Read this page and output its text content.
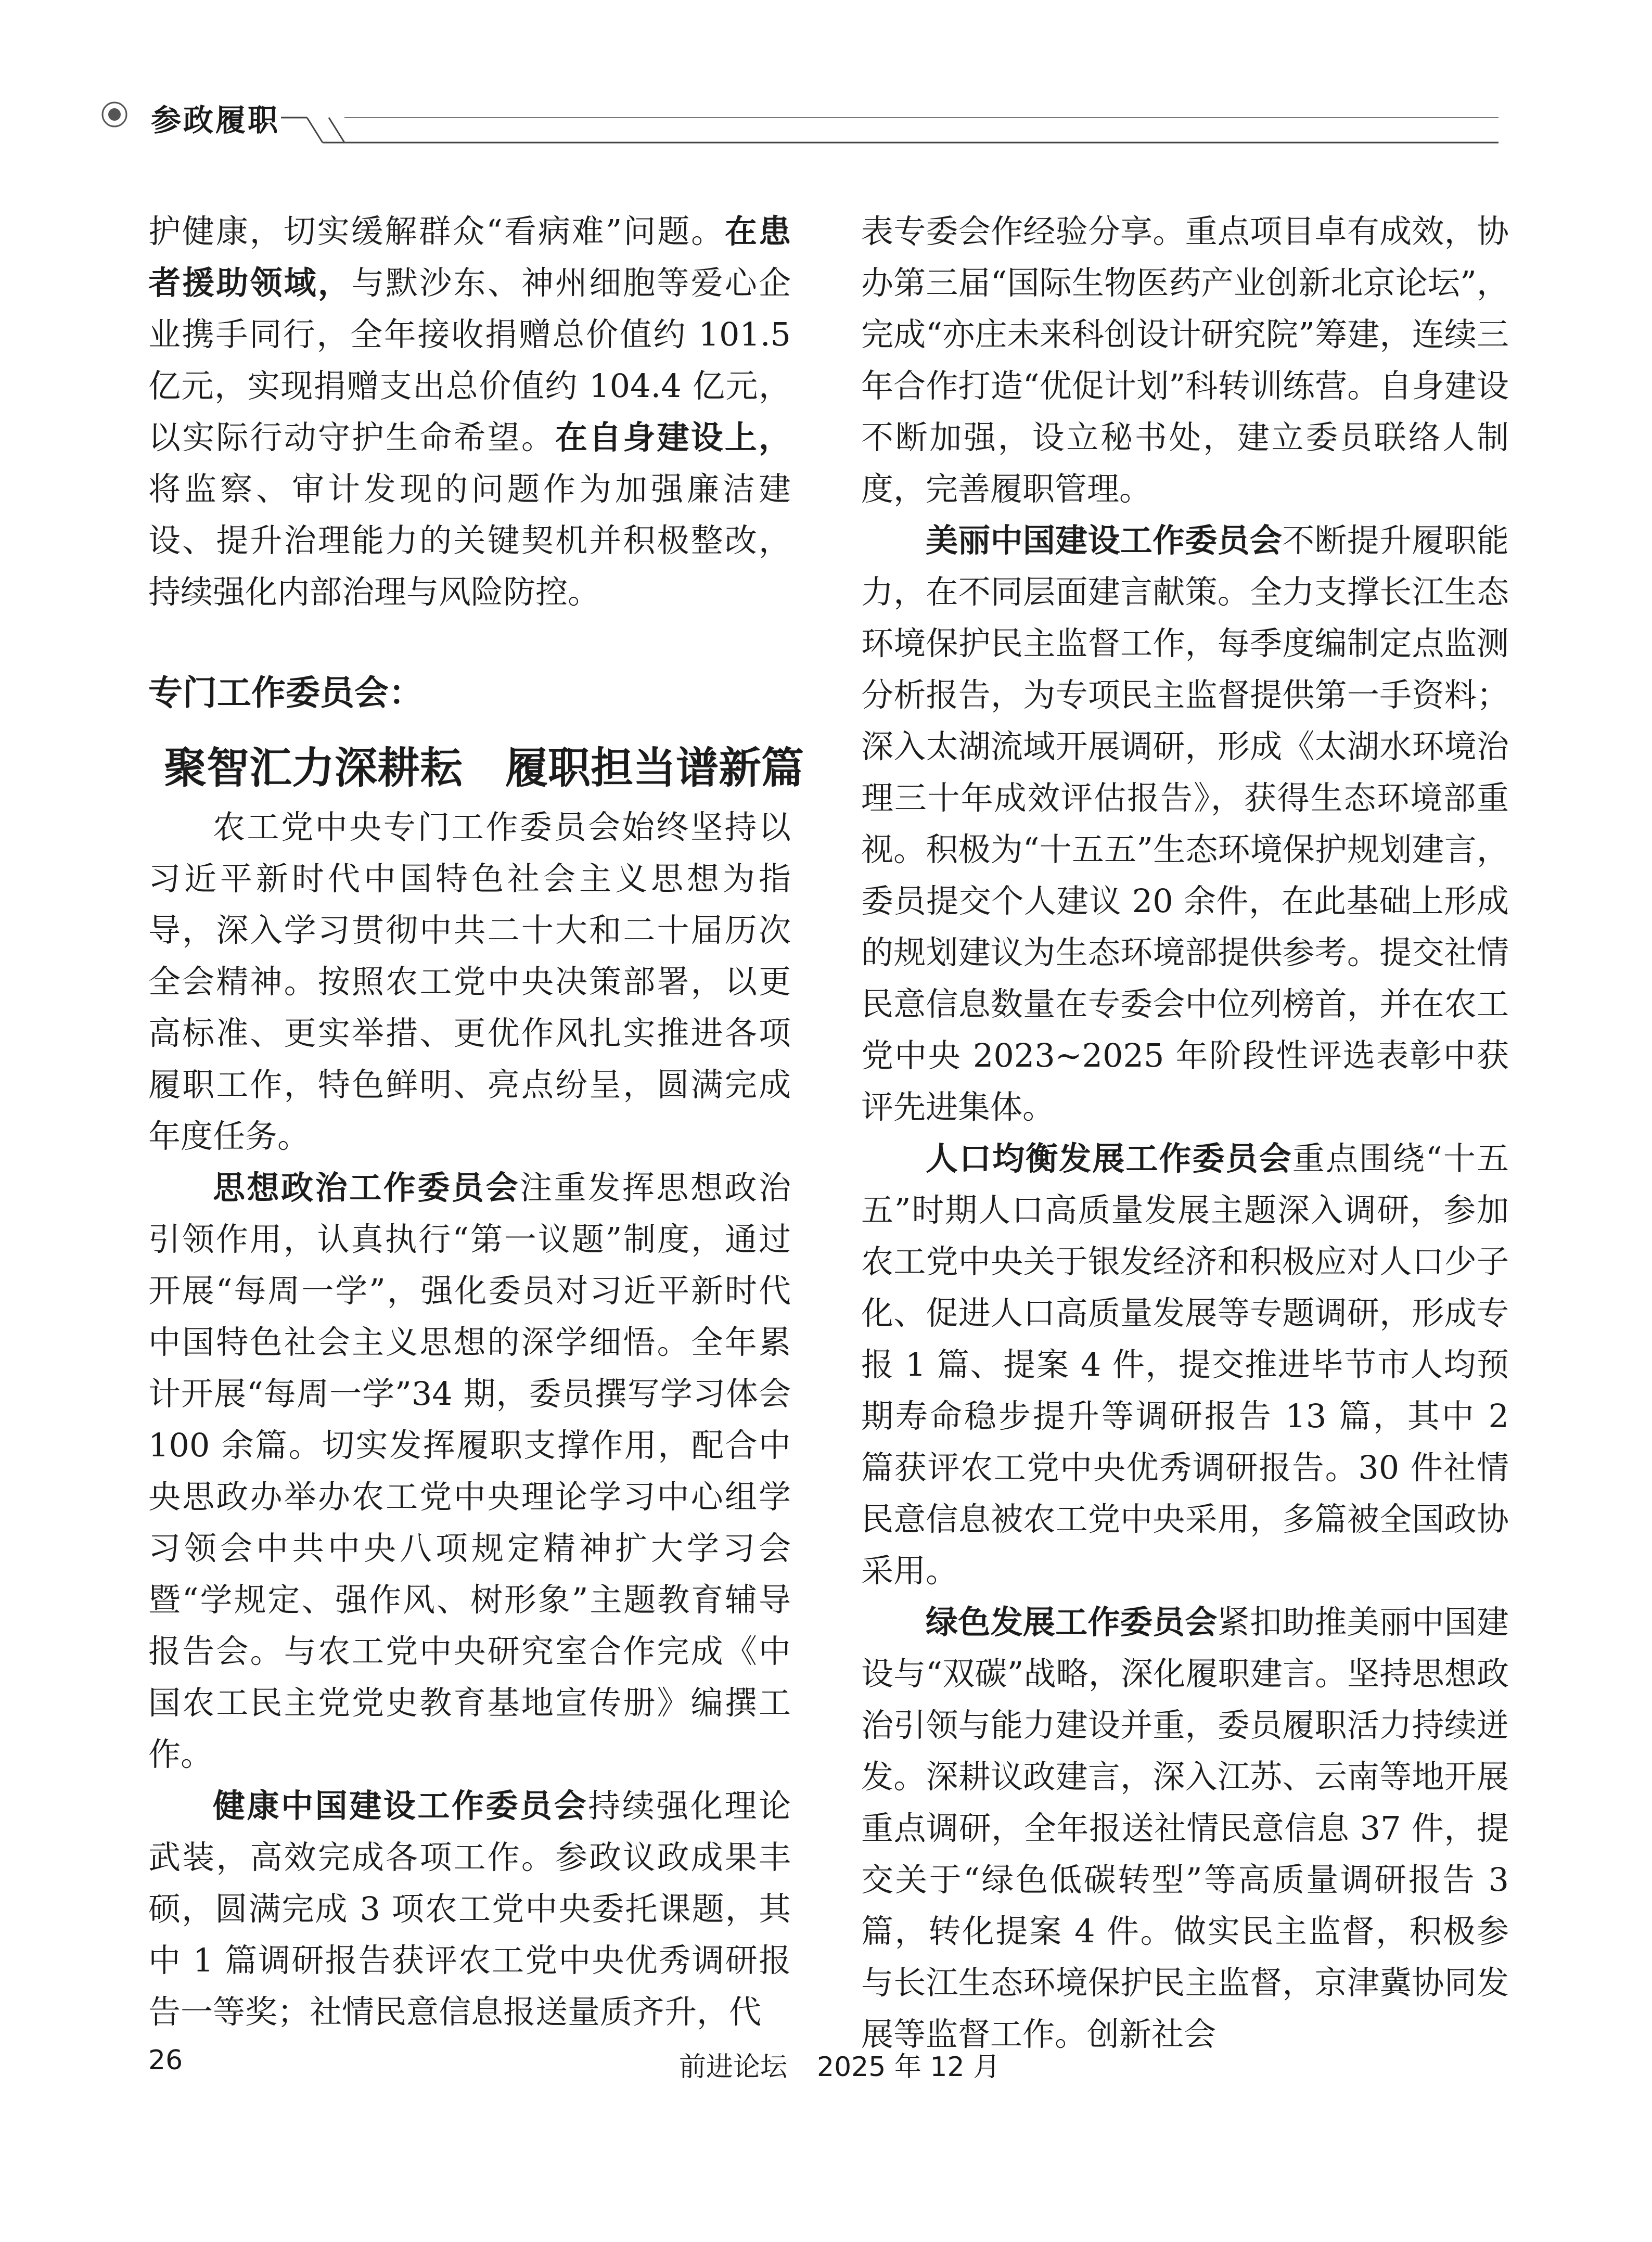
参政履职

护健康，切实缓解群众“看病难”问题。在患者援助领域，与默沙东、神州细胞等爱心企业携手同行，全年接收捐赠总价值约 101.5 亿元，实现捐赠支出总价值约 104.4 亿元，以实际行动守护生命希望。在自身建设上，将监察、审计发现的问题作为加强廉洁建设、提升治理能力的关键契机并积极整改，持续强化内部治理与风险防控。

专门工作委员会：

聚智汇力深耕耘　履职担当谱新篇

农工党中央专门工作委员会始终坚持以习近平新时代中国特色社会主义思想为指导，深入学习贯彻中共二十大和二十届历次全会精神。按照农工党中央决策部署，以更高标准、更实举措、更优作风扎实推进各项履职工作，特色鲜明、亮点纷呈，圆满完成年度任务。

思想政治工作委员会注重发挥思想政治引领作用，认真执行“第一议题”制度，通过开展“每周一学”，强化委员对习近平新时代中国特色社会主义思想的深学细悟。全年累计开展“每周一学”34 期，委员撰写学习体会 100 余篇。切实发挥履职支撑作用，配合中央思政办举办农工党中央理论学习中心组学习领会中共中央八项规定精神扩大学习会暨“学规定、强作风、树形象”主题教育辅导报告会。与农工党中央研究室合作完成《中国农工民主党党史教育基地宣传册》编撰工作。

健康中国建设工作委员会持续强化理论武装，高效完成各项工作。参政议政成果丰硕，圆满完成 3 项农工党中央委托课题，其中 1 篇调研报告获评农工党中央优秀调研报告一等奖；社情民意信息报送量质齐升，代

表专委会作经验分享。重点项目卓有成效，协办第三届“国际生物医药产业创新北京论坛”，完成“亦庄未来科创设计研究院”筹建，连续三年合作打造“优促计划”科转训练营。自身建设不断加强，设立秘书处，建立委员联络人制度，完善履职管理。

美丽中国建设工作委员会不断提升履职能力，在不同层面建言献策。全力支撑长江生态环境保护民主监督工作，每季度编制定点监测分析报告，为专项民主监督提供第一手资料；深入太湖流域开展调研，形成《太湖水环境治理三十年成效评估报告》，获得生态环境部重视。积极为“十五五”生态环境保护规划建言，委员提交个人建议 20 余件，在此基础上形成的规划建议为生态环境部提供参考。提交社情民意信息数量在专委会中位列榜首，并在农工党中央 2023~2025 年阶段性评选表彰中获评先进集体。

人口均衡发展工作委员会重点围绕“十五五”时期人口高质量发展主题深入调研，参加农工党中央关于银发经济和积极应对人口少子化、促进人口高质量发展等专题调研，形成专报 1 篇、提案 4 件，提交推进毕节市人均预期寿命稳步提升等调研报告 13 篇，其中 2 篇获评农工党中央优秀调研报告。30 件社情民意信息被农工党中央采用，多篇被全国政协采用。

绿色发展工作委员会紧扣助推美丽中国建设与“双碳”战略，深化履职建言。坚持思想政治引领与能力建设并重，委员履职活力持续迸发。深耕议政建言，深入江苏、云南等地开展重点调研，全年报送社情民意信息 37 件，提交关于“绿色低碳转型”等高质量调研报告 3 篇，转化提案 4 件。做实民主监督，积极参与长江生态环境保护民主监督，京津冀协同发展等监督工作。创新社会

26	前进论坛 2025 年 12 月
